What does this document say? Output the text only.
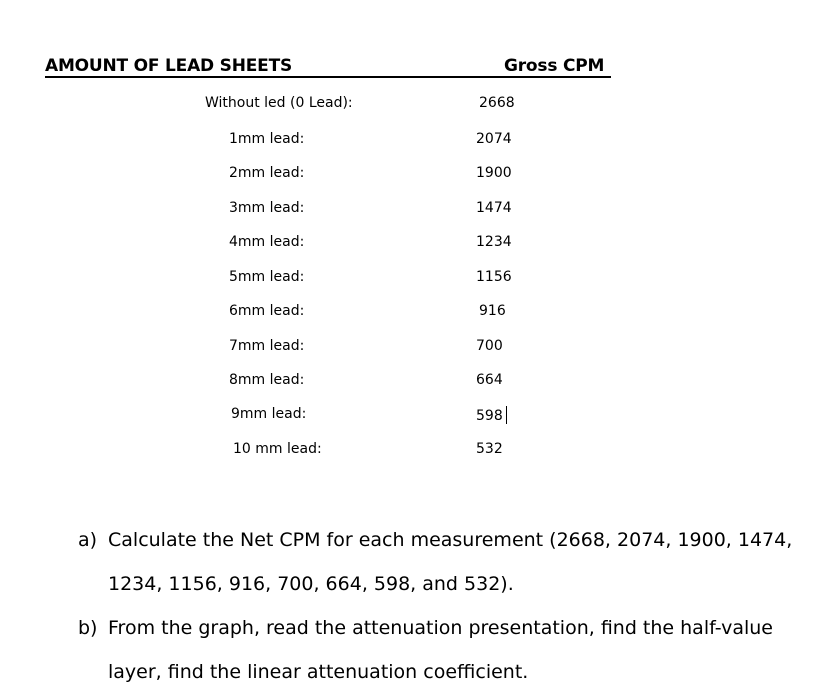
AMOUNT OF LEAD SHEETS	Gross CPM
Without led (0 Lead):	2668
1mm lead:	2074
2mm lead:	1900
3mm lead:	1474
4mm lead:	1234
5mm lead:	1156
6mm lead:	916
7mm lead:	700
8mm lead:	664
9mm lead:	598
10 mm lead:	532
a) Calculate the Net CPM for each measurement (2668, 2074, 1900, 1474,
1234, 1156, 916, 700, 664, 598, and 532).
b) From the graph, read the attenuation presentation, find the half-value
layer, find the linear attenuation coefficient.
